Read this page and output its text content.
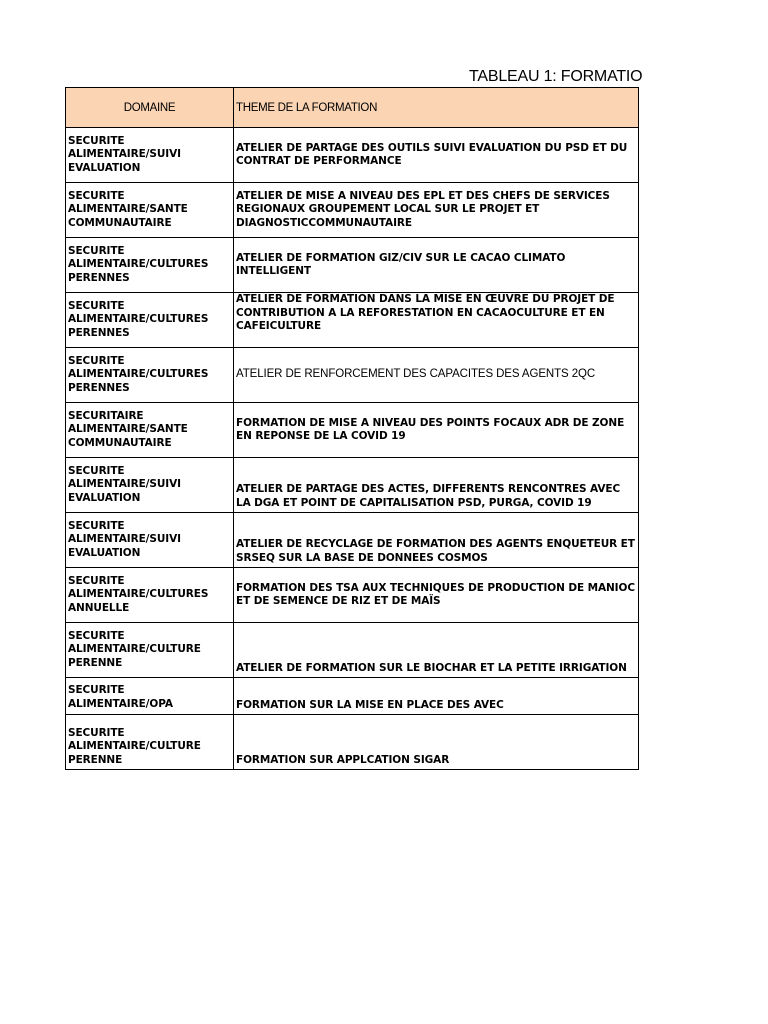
TABLEAU 1: FORMATIO
DOMAINE	THEME DE LA FORMATION
SECURITE ALIMENTAIRE/SUIVI EVALUATION	ATELIER DE PARTAGE DES OUTILS SUIVI EVALUATION DU PSD ET DU CONTRAT DE PERFORMANCE
SECURITE ALIMENTAIRE/SANTE COMMUNAUTAIRE	ATELIER DE MISE A NIVEAU DES EPL ET DES CHEFS DE SERVICES REGIONAUX GROUPEMENT LOCAL SUR LE PROJET ET DIAGNOSTICCOMMUNAUTAIRE
SECURITE ALIMENTAIRE/CULTURES PERENNES	ATELIER DE FORMATION GIZ/CIV SUR LE CACAO CLIMATO INTELLIGENT
SECURITE ALIMENTAIRE/CULTURES PERENNES	ATELIER DE FORMATION DANS LA MISE EN ŒUVRE DU PROJET DE CONTRIBUTION A LA REFORESTATION EN CACAOCULTURE ET EN CAFEICULTURE
SECURITE ALIMENTAIRE/CULTURES PERENNES	ATELIER DE RENFORCEMENT DES CAPACITES DES AGENTS 2QC
SECURITAIRE ALIMENTAIRE/SANTE COMMUNAUTAIRE	FORMATION DE MISE A NIVEAU DES POINTS FOCAUX ADR DE ZONE EN REPONSE DE LA COVID 19
SECURITE ALIMENTAIRE/SUIVI EVALUATION	ATELIER DE PARTAGE DES ACTES, DIFFERENTS RENCONTRES AVEC LA DGA ET POINT DE CAPITALISATION PSD, PURGA, COVID 19
SECURITE ALIMENTAIRE/SUIVI EVALUATION	ATELIER DE RECYCLAGE DE FORMATION DES AGENTS ENQUETEUR ET SRSEQ SUR LA BASE DE DONNEES COSMOS
SECURITE ALIMENTAIRE/CULTURES ANNUELLE	FORMATION DES TSA AUX TECHNIQUES DE PRODUCTION DE MANIOC ET DE SEMENCE DE RIZ ET DE MAÏS
SECURITE ALIMENTAIRE/CULTURE PERENNE	ATELIER DE FORMATION SUR LE BIOCHAR ET LA PETITE IRRIGATION
SECURITE ALIMENTAIRE/OPA	FORMATION SUR LA MISE EN PLACE DES AVEC
SECURITE ALIMENTAIRE/CULTURE PERENNE	FORMATION SUR APPLCATION SIGAR
